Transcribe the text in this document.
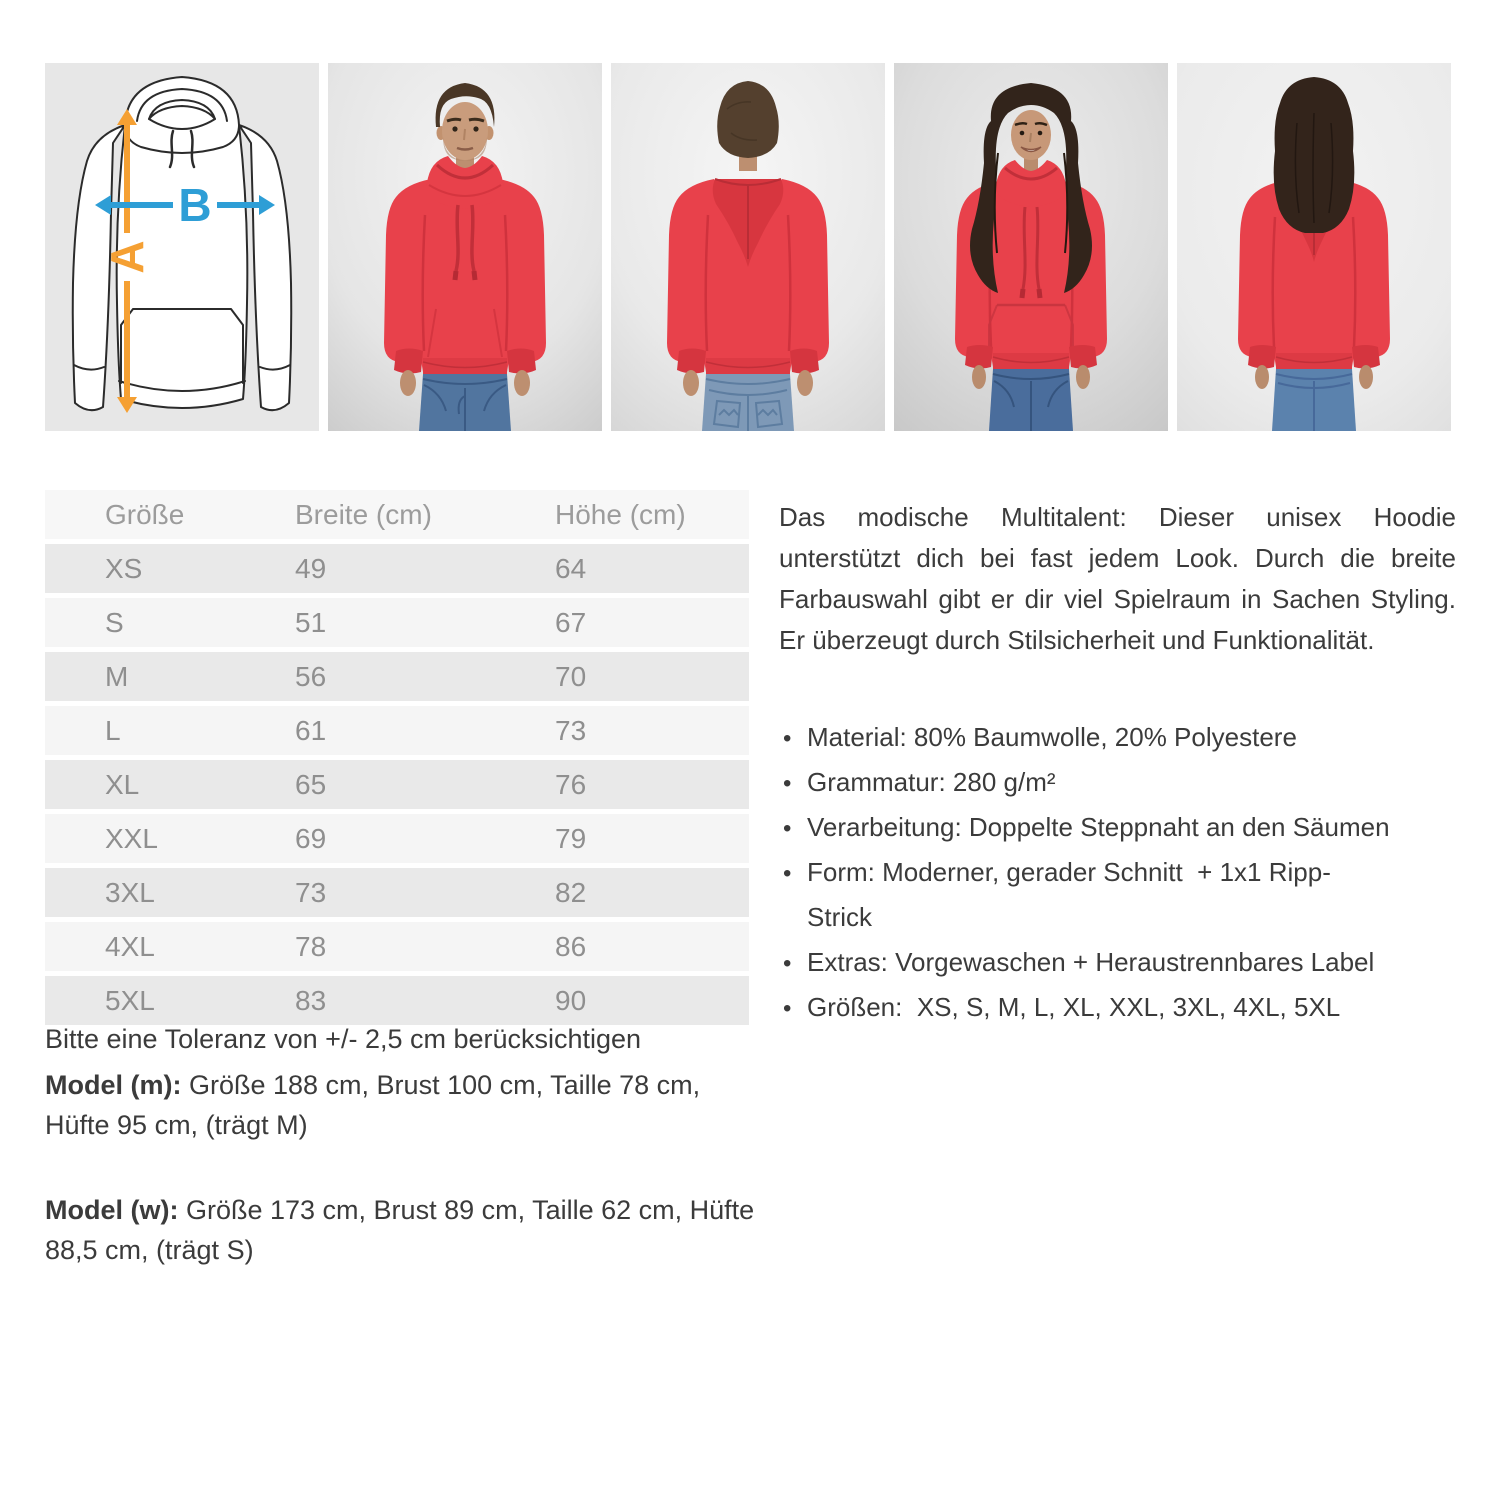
A
B
Größe	Breite (cm)	Höhe (cm)
XS	49	64
S	51	67
M	56	70
L	61	73
XL	65	76
XXL	69	79
3XL	73	82
4XL	78	86
5XL	83	90

Bitte eine Toleranz von +/- 2,5 cm berücksichtigen

Model (m): Größe 188 cm, Brust 100 cm, Taille 78 cm, Hüfte 95 cm, (trägt M)

Model (w): Größe 173 cm, Brust 89 cm, Taille 62 cm, Hüfte 88,5 cm, (trägt S)

Das modische Multitalent: Dieser unisex Hoodie unterstützt dich bei fast jedem Look. Durch die breite Farbauswahl gibt er dir viel Spielraum in Sachen Styling. Er überzeugt durch Stilsicherheit und Funktionalität.

• Material: 80% Baumwolle, 20% Polyestere
• Grammatur: 280 g/m²
• Verarbeitung: Doppelte Steppnaht an den Säumen
• Form: Moderner, gerader Schnitt  + 1x1 Ripp-Strick
• Extras: Vorgewaschen + Heraustrennbares Label
• Größen:  XS, S, M, L, XL, XXL, 3XL, 4XL, 5XL
